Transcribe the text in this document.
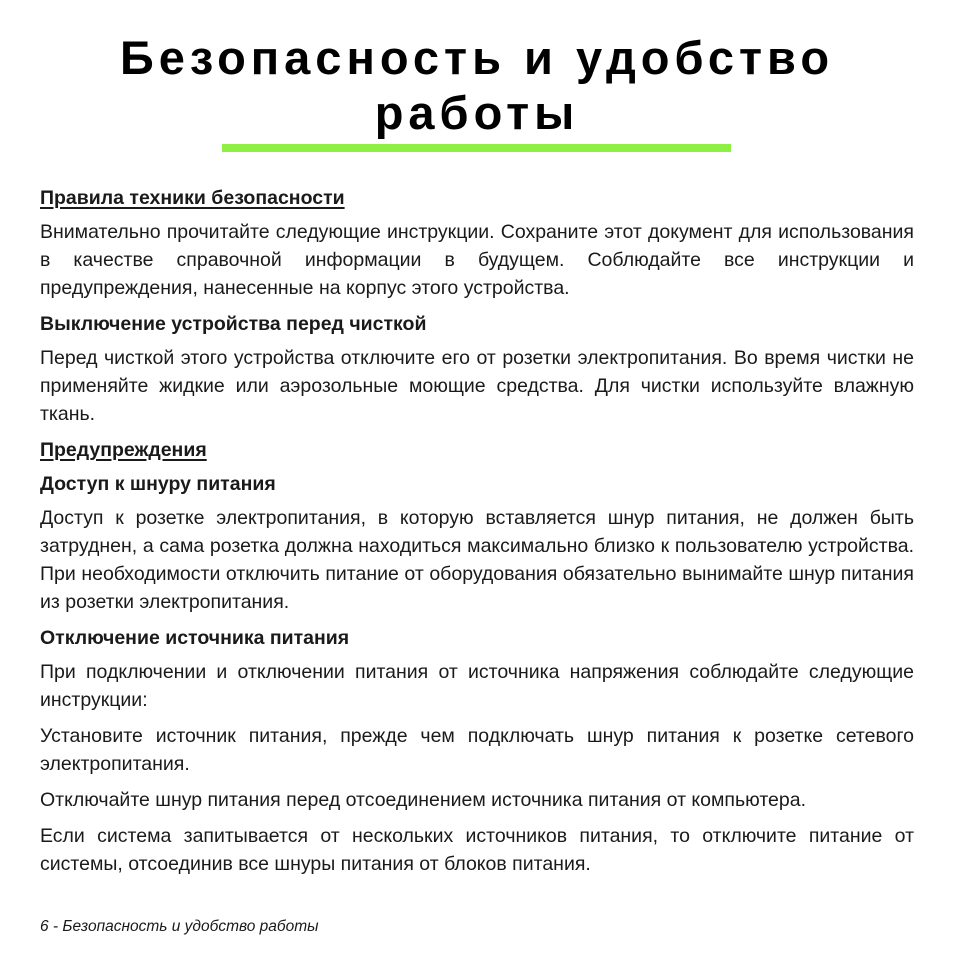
Безопасность и удобство
работы

Правила техники безопасности

Внимательно прочитайте следующие инструкции. Сохраните этот документ для использования в качестве справочной информации в будущем. Соблюдайте все инструкции и предупреждения, нанесенные на корпус этого устройства.

Выключение устройства перед чисткой

Перед чисткой этого устройства отключите его от розетки электропитания. Во время чистки не применяйте жидкие или аэрозольные моющие средства. Для чистки используйте влажную ткань.

Предупреждения

Доступ к шнуру питания

Доступ к розетке электропитания, в которую вставляется шнур питания, не должен быть затруднен, а сама розетка должна находиться максимально близко к пользователю устройства. При необходимости отключить питание от оборудования обязательно вынимайте шнур питания из розетки электропитания.

Отключение источника питания

При подключении и отключении питания от источника напряжения соблюдайте следующие инструкции:

Установите источник питания, прежде чем подключать шнур питания к розетке сетевого электропитания.

Отключайте шнур питания перед отсоединением источника питания от компьютера.

Если система запитывается от нескольких источников питания, то отключите питание от системы, отсоединив все шнуры питания от блоков питания.

6 - Безопасность и удобство работы
